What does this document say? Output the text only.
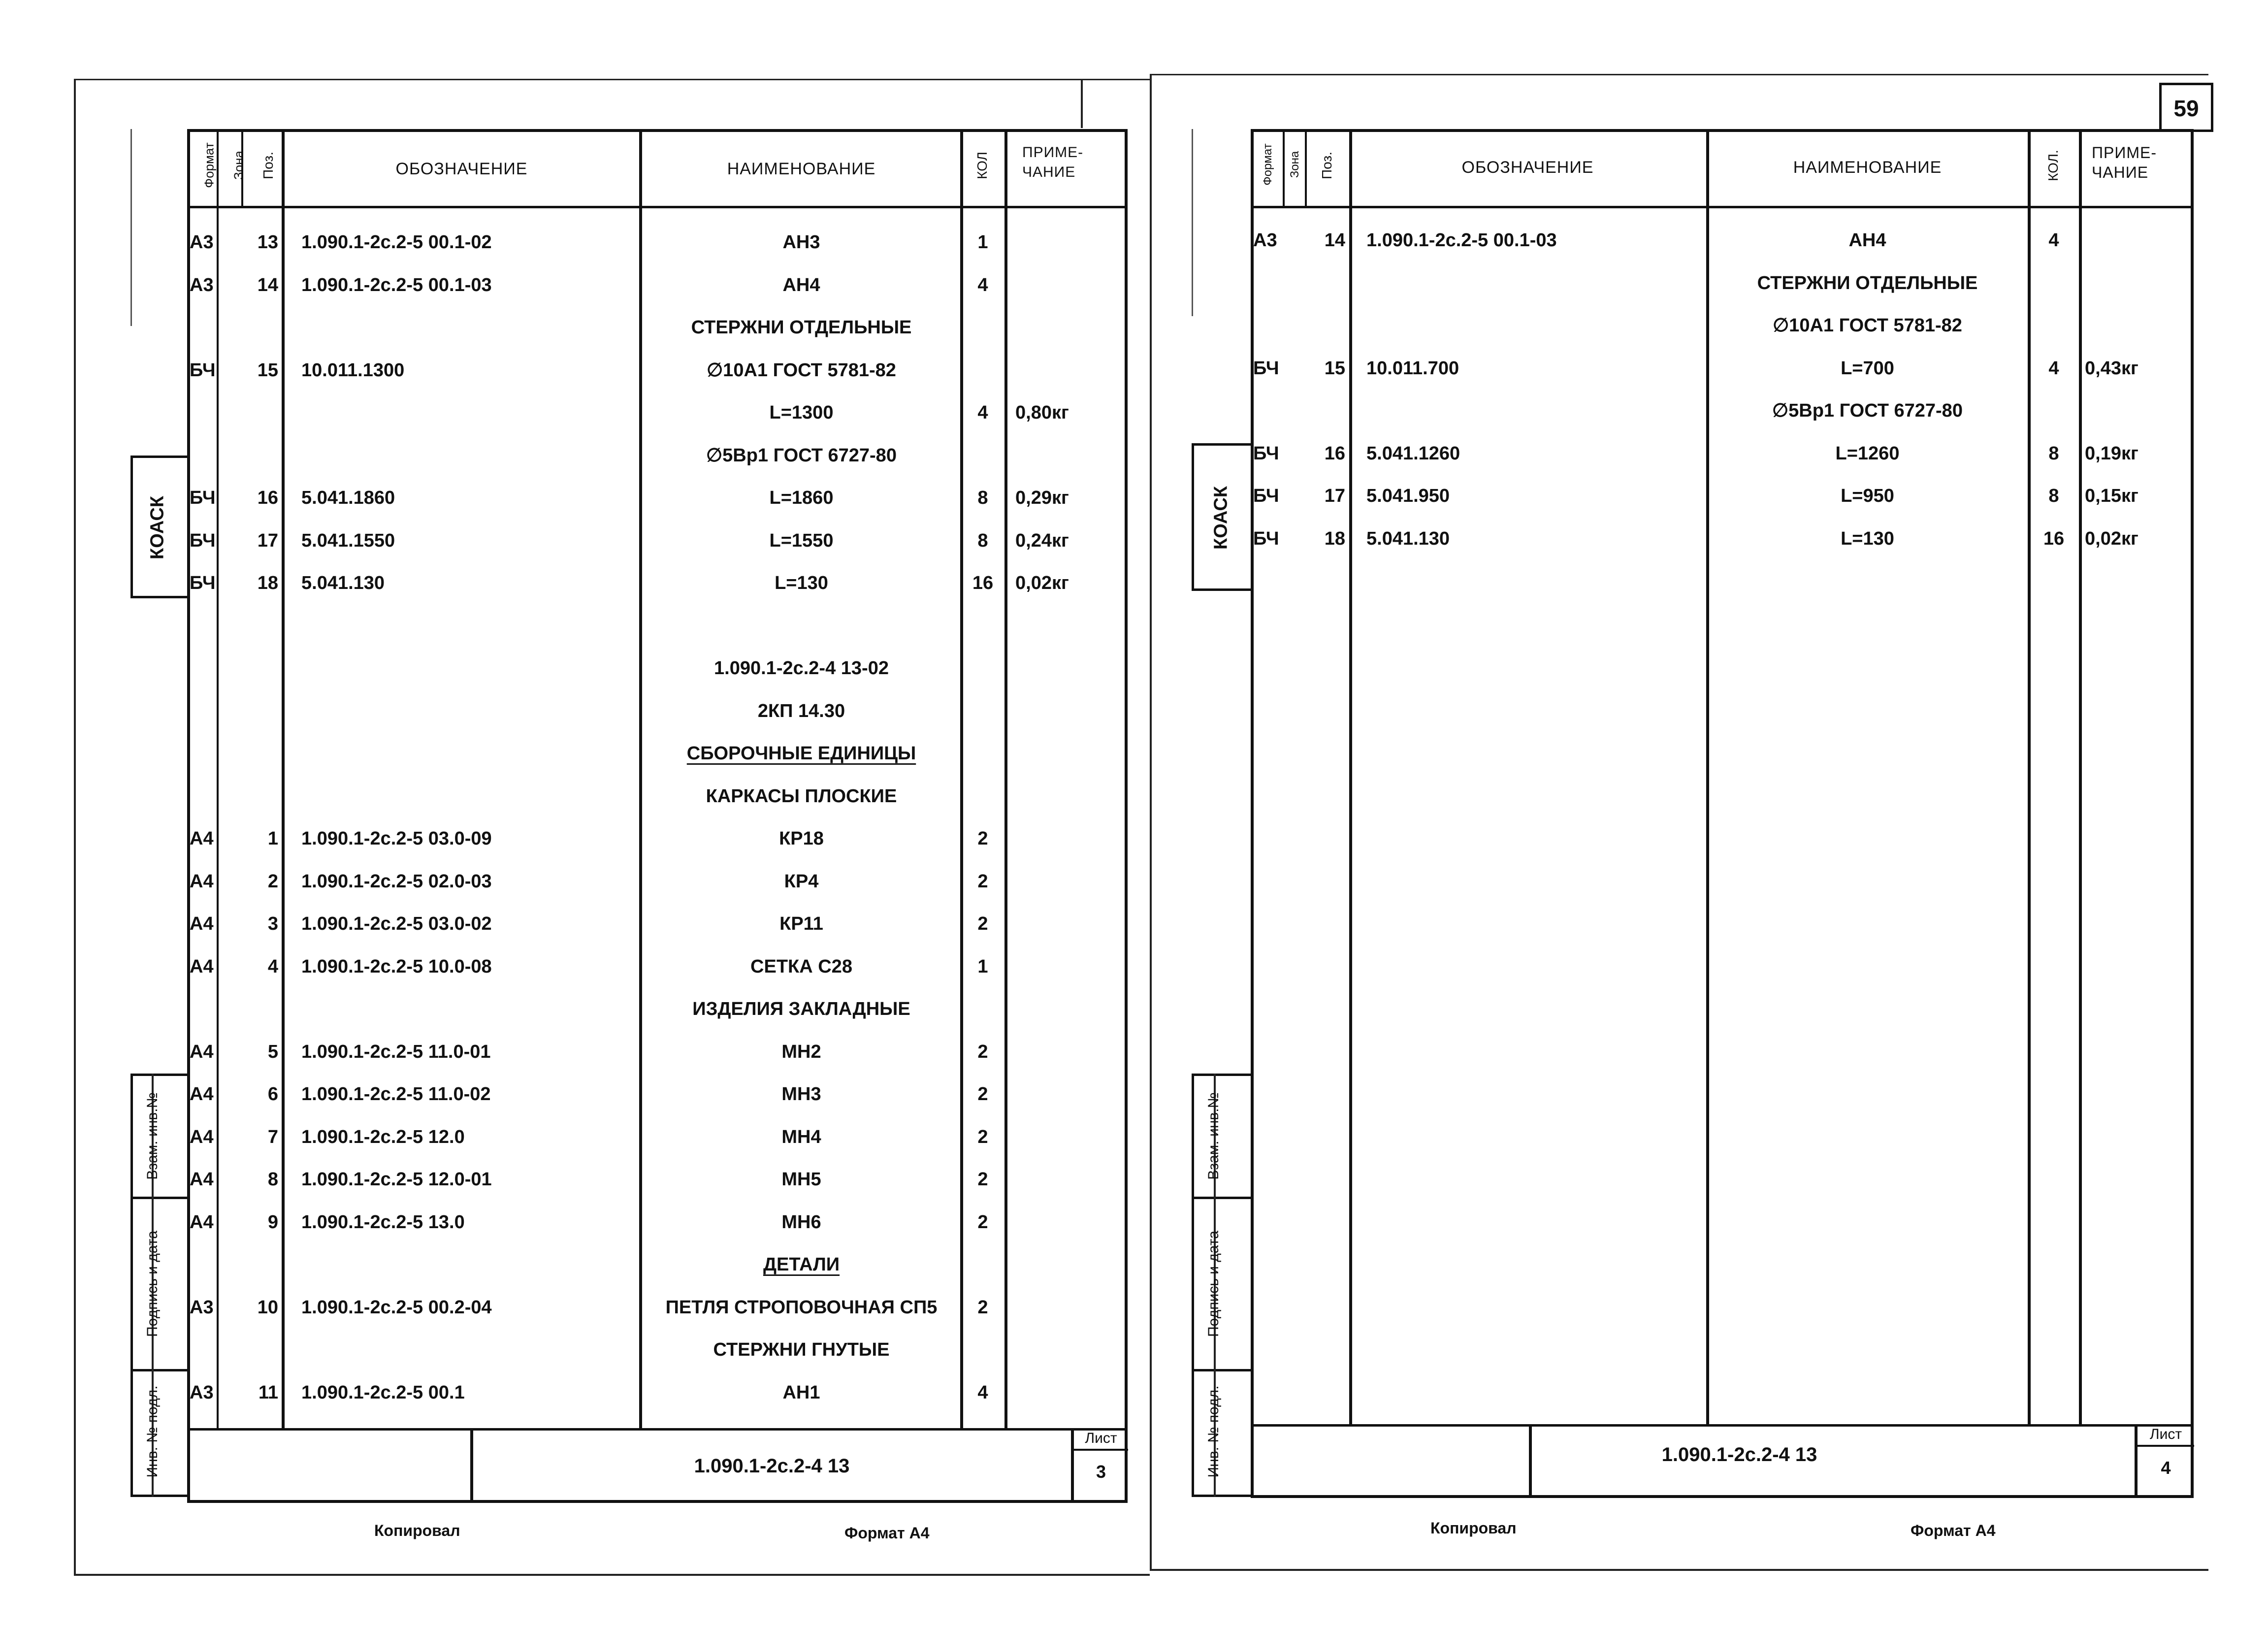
КОАСК
Взам. инв.№
Подпись и дата
Инв. № подл.
Формат Зона Поз.	ОБОЗНАЧЕНИЕ	НАИМЕНОВАНИЕ	КОЛ	ПРИМЕ-
ЧАНИЕ
А3	13 1.090.1-2с.2-5 00.1-02	АН3	1
А3	14 1.090.1-2с.2-5 00.1-03	АН4	4
СТЕРЖНИ ОТДЕЛЬНЫЕ
БЧ	15 10.011.1300	∅10А1 ГОСТ 5781-82
L=1300	4	0,80кг
∅5Вр1 ГОСТ 6727-80
БЧ	16 5.041.1860	L=1860	8	0,29кг
БЧ	17 5.041.1550	L=1550	8	0,24кг
БЧ	18 5.041.130	L=130	16	0,02кг
1.090.1-2с.2-4 13-02
2КП 14.30
СБОРОЧНЫЕ ЕДИНИЦЫ
КАРКАСЫ ПЛОСКИЕ
А4	1 1.090.1-2с.2-5 03.0-09	КР18	2
А4	2 1.090.1-2с.2-5 02.0-03	КР4	2
А4	3 1.090.1-2с.2-5 03.0-02	КР11	2
А4	4 1.090.1-2с.2-5 10.0-08	СЕТКА С28	1
ИЗДЕЛИЯ ЗАКЛАДНЫЕ
А4	5 1.090.1-2с.2-5 11.0-01	МН2	2
А4	6 1.090.1-2с.2-5 11.0-02	МН3	2
А4	7 1.090.1-2с.2-5 12.0	МН4	2
А4	8 1.090.1-2с.2-5 12.0-01	МН5	2
А4	9 1.090.1-2с.2-5 13.0	МН6	2
ДЕТАЛИ
А3	10 1.090.1-2с.2-5 00.2-04	ПЕТЛЯ СТРОПОВОЧНАЯ СП5	2
СТЕРЖНИ ГНУТЫЕ
А3	11 1.090.1-2с.2-5 00.1	АН1	4
Лист
3
1.090.1-2с.2-4 13
Копировал	Формат А4
59
КОАСК
Взам. инв.№
Подпись и дата
Инв. № подл.
Формат Зона Поз.	ОБОЗНАЧЕНИЕ	НАИМЕНОВАНИЕ	КОЛ.	ПРИМЕ-
ЧАНИЕ
А3	14 1.090.1-2с.2-5 00.1-03	АН4	4
СТЕРЖНИ ОТДЕЛЬНЫЕ
∅10А1 ГОСТ 5781-82
БЧ	15 10.011.700	L=700	4	0,43кг
∅5Вр1 ГОСТ 6727-80
БЧ	16 5.041.1260	L=1260	8	0,19кг
БЧ	17 5.041.950	L=950	8	0,15кг
БЧ	18 5.041.130	L=130	16	0,02кг
Лист
4
1.090.1-2с.2-4 13
Копировал	Формат А4
